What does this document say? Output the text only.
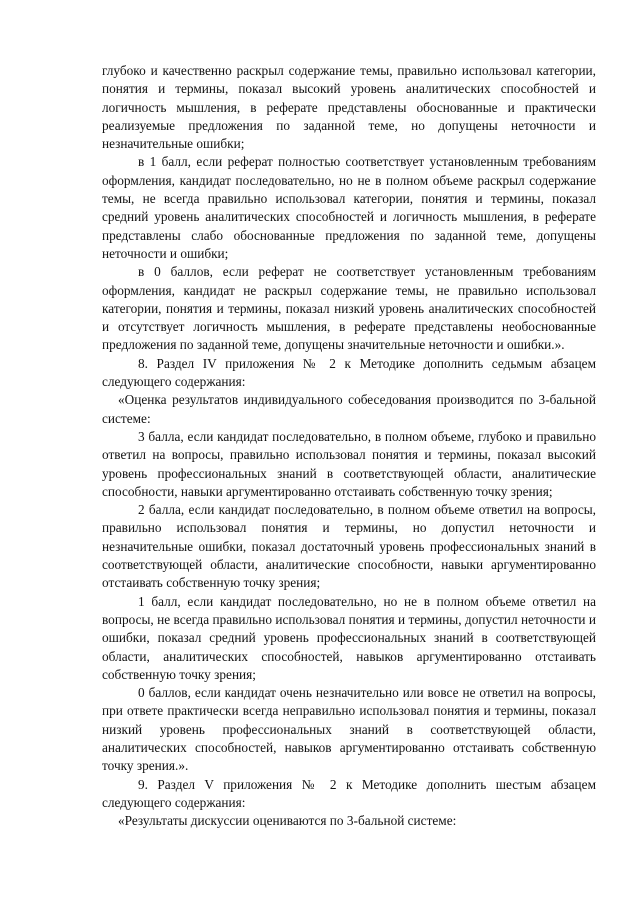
глубоко и качественно раскрыл содержание темы, правильно использовал категории, понятия и термины, показал высокий уровень аналитических способностей и логичность мышления, в реферате представлены обоснованные и практически реализуемые предложения по заданной теме, но допущены неточности и незначительные ошибки;

в 1 балл, если реферат полностью соответствует установленным требованиям оформления, кандидат последовательно, но не в полном объеме раскрыл содержание темы, не всегда правильно использовал категории, понятия и термины, показал средний уровень аналитических способностей и логичность мышления, в реферате представлены слабо обоснованные предложения по заданной теме, допущены неточности и ошибки;

в 0 баллов, если реферат не соответствует установленным требованиям оформления, кандидат не раскрыл содержание темы, не правильно использовал категории, понятия и термины, показал низкий уровень аналитических способностей и отсутствует логичность мышления, в реферате представлены необоснованные предложения по заданной теме, допущены значительные неточности и ошибки.».

8. Раздел IV приложения № 2 к Методике дополнить седьмым абзацем следующего содержания:

«Оценка результатов индивидуального собеседования производится по 3-бальной системе:

3 балла, если кандидат последовательно, в полном объеме, глубоко и правильно ответил на вопросы, правильно использовал понятия и термины, показал высокий уровень профессиональных знаний в соответствующей области, аналитические способности, навыки аргументированно отстаивать собственную точку зрения;

2 балла, если кандидат последовательно, в полном объеме ответил на вопросы, правильно использовал понятия и термины, но допустил неточности и незначительные ошибки, показал достаточный уровень профессиональных знаний в соответствующей области, аналитические способности, навыки аргументированно отстаивать собственную точку зрения;

1 балл, если кандидат последовательно, но не в полном объеме ответил на вопросы, не всегда правильно использовал понятия и термины, допустил неточности и ошибки, показал средний уровень профессиональных знаний в соответствующей области, аналитических способностей, навыков аргументированно отстаивать собственную точку зрения;

0 баллов, если кандидат очень незначительно или вовсе не ответил на вопросы, при ответе практически всегда неправильно использовал понятия и термины, показал низкий уровень профессиональных знаний в соответствующей области, аналитических способностей, навыков аргументированно отстаивать собственную точку зрения.».

9. Раздел V приложения № 2 к Методике дополнить шестым абзацем следующего содержания:

«Результаты дискуссии оцениваются по 3-бальной системе:
